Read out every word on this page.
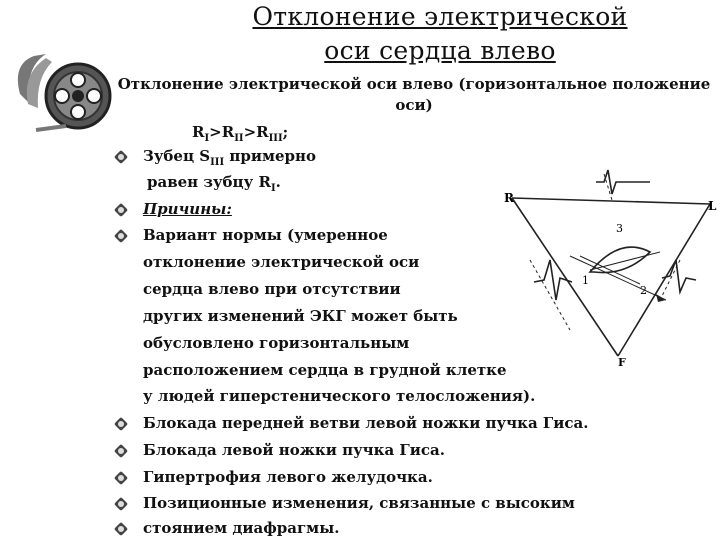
Отклонение электрической
оси сердца влево
Отклонение электрической оси влево (горизонтальное положение
оси)
$R_I>R_{II}>R_{III}$;
Зубец $S_{III}$ примерно
равен зубцу $R_I$.
Причины:
Вариант нормы (умеренное
отклонение электрической оси
сердца влево при отсутствии
других изменений ЭКГ может быть
обусловлено горизонтальным
расположением сердца в грудной клетке
у людей гиперстенического телосложения).
Блокада передней ветви левой ножки пучка Гиса.
Блокада левой ножки пучка Гиса.
Гипертрофия левого желудочка.
Позиционные изменения, связанные с высоким
стоянием диафрагмы.
R
L
F
1
2
3
